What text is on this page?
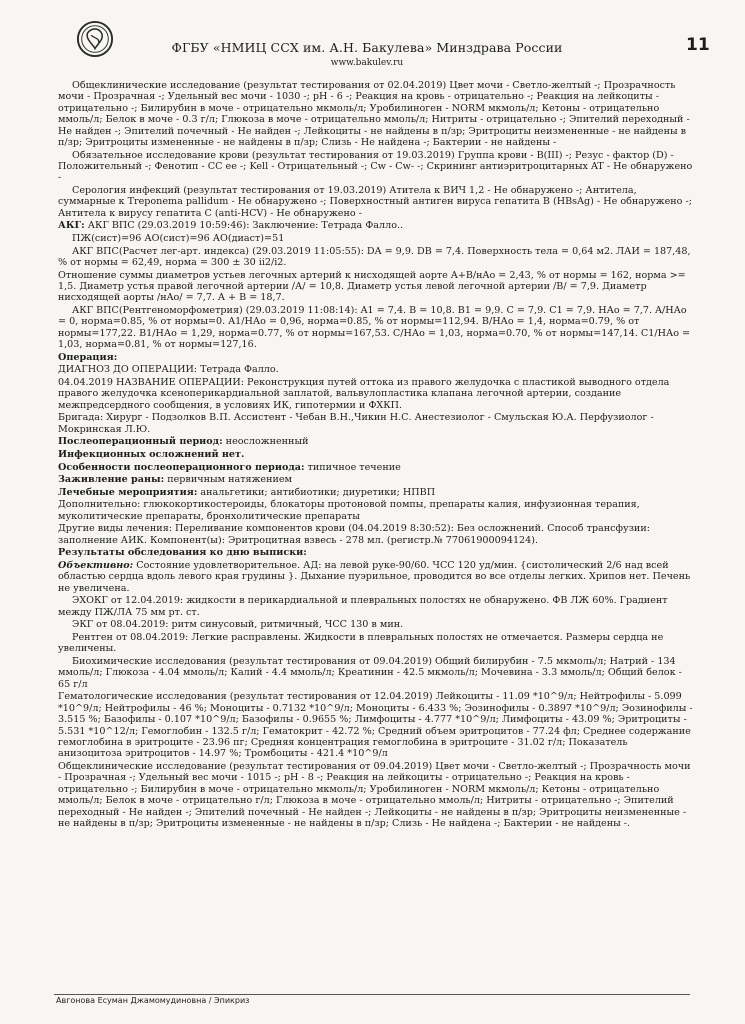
ФГБУ «НМИЦ ССХ им. А.Н. Бакулева» Минздрава России
www.bakulev.ru
11

Общеклинические исследование (результат тестирования от 02.04.2019) Цвет мочи - Светло-желтый -; Прозрачность мочи - Прозрачная -; Удельный вес мочи - 1030 -; pH - 6 -; Реакция на кровь - отрицательно -; Реакция на лейкоциты - отрицательно -; Билирубин в моче - отрицательно мкмоль/л; Уробилиноген - NORM мкмоль/л; Кетоны - отрицательно ммоль/л; Белок в моче - 0.3 г/л; Глюкоза в моче - отрицательно ммоль/л; Нитриты - отрицательно -; Эпителий переходный - Не найден -; Эпителий почечный - Не найден -; Лейкоциты - не найдены в п/зр; Эритроциты неизмененные - не найдены в п/зр; Эритроциты измененные - не найдены в п/зр; Слизь - Не найдена -; Бактерии - не найдены -

Обязательное исследование крови (результат тестирования от 19.03.2019) Группа крови - B(III) -; Резус - фактор (D) - Положительный -; Фенотип - CC ee -; Kell - Отрицательный -; Cw - Cw- -; Скрининг антиэритроцитарных AT - Не обнаружено -

Серология инфекций (результат тестирования от 19.03.2019) Атитела к ВИЧ 1,2 - Не обнаружено -; Антитела, суммарные к Treponema pallidum - Не обнаружено -; Поверхностный антиген вируса гепатита В (HBsAg) - Не обнаружено -; Антитела к вирусу гепатита С (anti-HCV) - Не обнаружено -

АКГ: АКГ ВПС (29.03.2019 10:59:46): Заключение: Тетрада Фалло..

ПЖ(сист)=96 АО(сист)=96 АО(диаст)=51

АКГ ВПС(Расчет лег-арт. индекса) (29.03.2019 11:05:55): DA = 9,9. DB = 7,4. Поверхность тела = 0,64 м2. ЛАИ = 187,48, % от нормы = 62,49, норма = 300 ± 30 ii2/i2.

Отношение суммы диаметров устьев легочных артерий к нисходящей аорте A+B/нAo = 2,43, % от нормы = 162, норма >= 1,5. Диаметр устья правой легочной артерии /А/ = 10,8. Диаметр устья левой легочной артерии /В/ = 7,9. Диаметр нисходящей аорты /нAo/ = 7,7. A + B = 18,7.

АКГ ВПС(Рентгеноморфометрия) (29.03.2019 11:08:14): A1 = 7,4. B = 10,8. B1 = 9,9. C = 7,9. C1 = 7,9. НАо = 7,7. A/НАо = 0, норма=0.85, % от нормы=0. A1/НАо = 0,96, норма=0.85, % от нормы=112,94. B/НАо = 1,4, норма=0.79, % от нормы=177,22. B1/НАо = 1,29, норма=0.77, % от нормы=167,53. C/НАо = 1,03, норма=0.70, % от нормы=147,14. C1/НАо = 1,03, норма=0.81, % от нормы=127,16.

Операция:

ДИАГНОЗ ДО ОПЕРАЦИИ: Тетрада Фалло.

04.04.2019 НАЗВАНИЕ ОПЕРАЦИИ: Реконструкция путей оттока из правого желудочка с пластикой выводного отдела правого желудочка ксеноперикардиальной заплатой, вальвулопластика клапана легочной артерии, создание межпредсердного сообщения, в условиях ИК, гипотермии и ФХКП.

Бригада: Хирург - Подзолков В.П. Ассистент - Чебан В.Н.,Чикин Н.С. Анестезиолог - Смульская Ю.А. Перфузиолог - Мокринская Л.Ю.

Послеоперационный период: неосложненный

Инфекционных осложнений нет.

Особенности послеоперационного периода: типичное течение

Заживление раны: первичным натяжением

Лечебные мероприятия: анальгетики; антибиотики; диуретики; НПВП

Дополнительно: глюкокортикостероиды, блокаторы протоновой помпы, препараты калия, инфузионная терапия, муколитические препараты, бронхолитические препараты

Другие виды лечения: Переливание компонентов крови (04.04.2019 8:30:52): Без осложнений. Способ трансфузии: заполнение АИК. Компонент(ы): Эритроцитная взвесь - 278 мл. (регистр.№ 77061900094124).

Результаты обследования ко дню выписки:

Объективно: Состояние удовлетворительное. АД: на левой руке-90/60. ЧСС 120 уд/мин. {систолический 2/6 над всей областью сердца вдоль левого края грудины }. Дыхание пуэрильное, проводится во все отделы легких. Хрипов нет. Печень не увеличена.

ЭХОКГ от 12.04.2019: жидкости в перикардиальной и плевральных полостях не обнаружено. ФВ ЛЖ 60%. Градиент между ПЖ/ЛА 75 мм рт. ст.

ЭКГ от 08.04.2019: ритм синусовый, ритмичный, ЧСС 130 в мин.

Рентген от 08.04.2019: Легкие расправлены. Жидкости в плевральных полостях не отмечается. Размеры сердца не увеличены.

Биохимические исследования (результат тестирования от 09.04.2019) Общий билирубин - 7.5 мкмоль/л; Натрий - 134 ммоль/л; Глюкоза - 4.04 ммоль/л; Калий - 4.4 ммоль/л; Креатинин - 42.5 мкмоль/л; Мочевина - 3.3 ммоль/л; Общий белок - 65 г/л

Гематологические исследования (результат тестирования от 12.04.2019) Лейкоциты - 11.09 *10^9/л; Нейтрофилы - 5.099 *10^9/л; Нейтрофилы - 46 %; Моноциты - 0.7132 *10^9/л; Моноциты - 6.433 %; Эозинофилы - 0.3897 *10^9/л; Эозинофилы - 3.515 %; Базофилы - 0.107 *10^9/л; Базофилы - 0.9655 %; Лимфоциты - 4.777 *10^9/л; Лимфоциты - 43.09 %; Эритроциты - 5.531 *10^12/л; Гемоглобин - 132.5 г/л; Гематокрит - 42.72 %; Средний объем эритроцитов - 77.24 фл; Среднее содержание гемоглобина в эритроците - 23.96 пг; Средняя концентрация гемоглобина в эритроците - 31.02 г/л; Показатель анизоцитоза эритроцитов - 14.97 %; Тромбоциты - 421.4 *10^9/л

Общеклинические исследование (результат тестирования от 09.04.2019) Цвет мочи - Светло-желтый -; Прозрачность мочи - Прозрачная -; Удельный вес мочи - 1015 -; pH - 8 -; Реакция на лейкоциты - отрицательно -; Реакция на кровь - отрицательно -; Билирубин в моче - отрицательно мкмоль/л; Уробилиноген - NORM мкмоль/л; Кетоны - отрицательно ммоль/л; Белок в моче - отрицательно г/л; Глюкоза в моче - отрицательно ммоль/л; Нитриты - отрицательно -; Эпителий переходный - Не найден -; Эпителий почечный - Не найден -; Лейкоциты - не найдены в п/зр; Эритроциты неизмененные - не найдены в п/зр; Эритроциты измененные - не найдены в п/зр; Слизь - Не найдена -; Бактерии - не найдены -.

Авгонова Есуман Джамомудиновна / Эпикриз
